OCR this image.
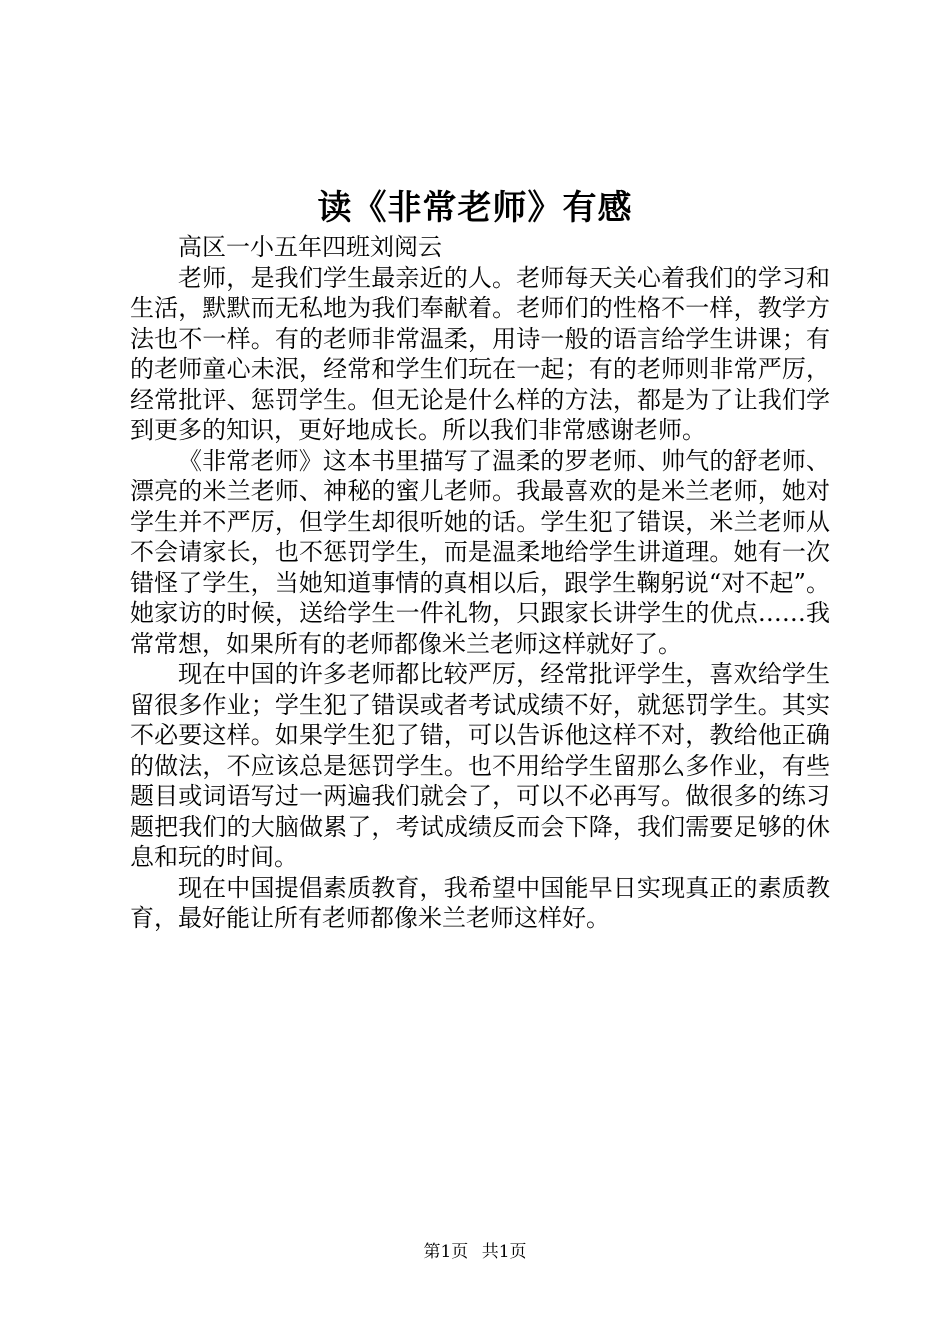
读《非常老师》有感

高区一小五年四班刘阅云

老师，是我们学生最亲近的人。老师每天关心着我们的学习和生活，默默而无私地为我们奉献着。老师们的性格不一样，教学方法也不一样。有的老师非常温柔，用诗一般的语言给学生讲课；有的老师童心未泯，经常和学生们玩在一起；有的老师则非常严厉，经常批评、惩罚学生。但无论是什么样的方法，都是为了让我们学到更多的知识，更好地成长。所以我们非常感谢老师。

《非常老师》这本书里描写了温柔的罗老师、帅气的舒老师、漂亮的米兰老师、神秘的蜜儿老师。我最喜欢的是米兰老师，她对学生并不严厉，但学生却很听她的话。学生犯了错误，米兰老师从不会请家长，也不惩罚学生，而是温柔地给学生讲道理。她有一次错怪了学生，当她知道事情的真相以后，跟学生鞠躬说“对不起”。她家访的时候，送给学生一件礼物，只跟家长讲学生的优点……我常常想，如果所有的老师都像米兰老师这样就好了。

现在中国的许多老师都比较严厉，经常批评学生，喜欢给学生留很多作业；学生犯了错误或者考试成绩不好，就惩罚学生。其实不必要这样。如果学生犯了错，可以告诉他这样不对，教给他正确的做法，不应该总是惩罚学生。也不用给学生留那么多作业，有些题目或词语写过一两遍我们就会了，可以不必再写。做很多的练习题把我们的大脑做累了，考试成绩反而会下降，我们需要足够的休息和玩的时间。

现在中国提倡素质教育，我希望中国能早日实现真正的素质教育，最好能让所有老师都像米兰老师这样好。

第1页 共1页
